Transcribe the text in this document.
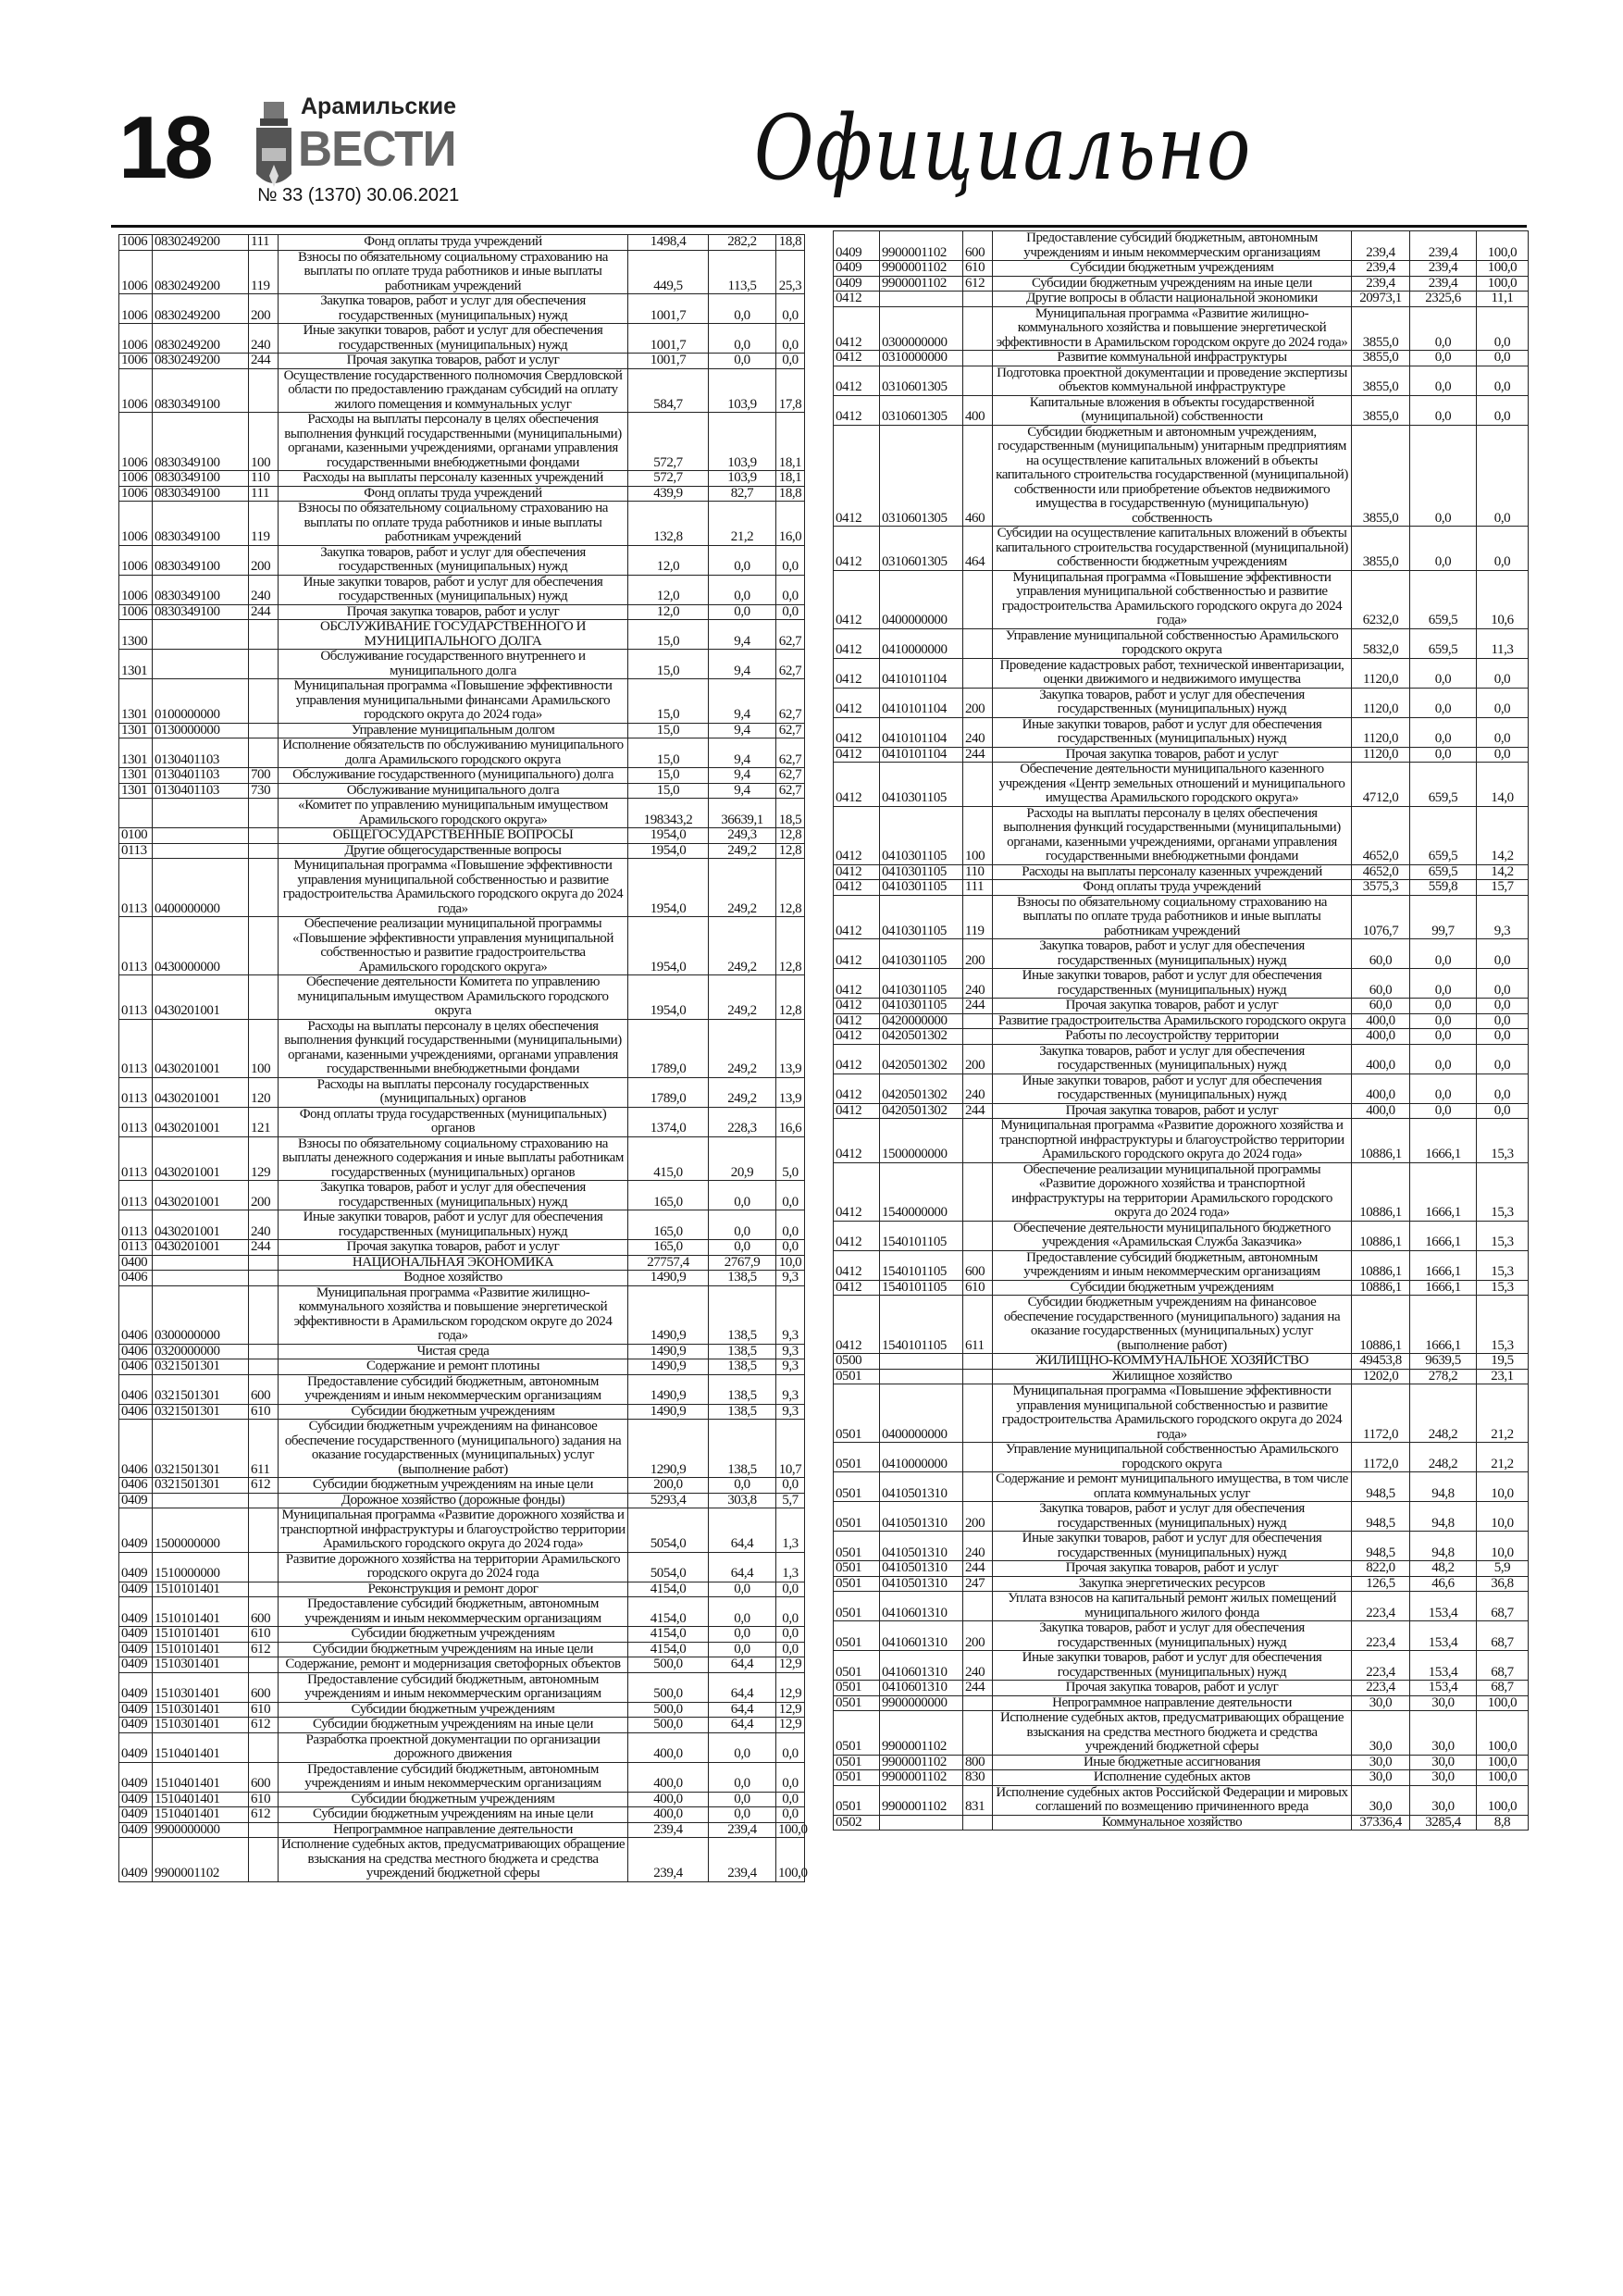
18	Арамильские
ВЕСТИ
№ 33 (1370) 30.06.2021	Официально
1006	0830249200	111	Фонд оплаты труда учреждений	1498,4	282,2	18,8
1006	0830249200	119	Взносы по обязательному социальному страхованию на выплаты по оплате труда работников и иные выплаты работникам учреждений	449,5	113,5	25,3
1006	0830249200	200	Закупка товаров, работ и услуг для обеспечения государственных (муниципальных) нужд	1001,7	0,0	0,0
1006	0830249200	240	Иные закупки товаров, работ и услуг для обеспечения государственных (муниципальных) нужд	1001,7	0,0	0,0
1006	0830249200	244	Прочая закупка товаров, работ и услуг	1001,7	0,0	0,0
1006	0830349100		Осуществление государственного полномочия Свердловской области по предоставлению гражданам субсидий на оплату жилого помещения и коммунальных услуг	584,7	103,9	17,8
1006	0830349100	100	Расходы на выплаты персоналу в целях обеспечения выполнения функций государственными (муниципальными) органами, казенными учреждениями, органами управления государственными внебюджетными фондами	572,7	103,9	18,1
1006	0830349100	110	Расходы на выплаты персоналу казенных учреждений	572,7	103,9	18,1
1006	0830349100	111	Фонд оплаты труда учреждений	439,9	82,7	18,8
1006	0830349100	119	Взносы по обязательному социальному страхованию на выплаты по оплате труда работников и иные выплаты работникам учреждений	132,8	21,2	16,0
1006	0830349100	200	Закупка товаров, работ и услуг для обеспечения государственных (муниципальных) нужд	12,0	0,0	0,0
1006	0830349100	240	Иные закупки товаров, работ и услуг для обеспечения государственных (муниципальных) нужд	12,0	0,0	0,0
1006	0830349100	244	Прочая закупка товаров, работ и услуг	12,0	0,0	0,0
1300			ОБСЛУЖИВАНИЕ ГОСУДАРСТВЕННОГО И МУНИЦИПАЛЬНОГО ДОЛГА	15,0	9,4	62,7
1301			Обслуживание государственного внутреннего и муниципального долга	15,0	9,4	62,7
1301	0100000000		Муниципальная программа «Повышение эффективности управления муниципальными финансами Арамильского городского округа до 2024 года»	15,0	9,4	62,7
1301	0130000000		Управление муниципальным долгом	15,0	9,4	62,7
1301	0130401103		Исполнение обязательств по обслуживанию муниципального долга Арамильского городского округа	15,0	9,4	62,7
1301	0130401103	700	Обслуживание государственного (муниципального) долга	15,0	9,4	62,7
1301	0130401103	730	Обслуживание муниципального долга	15,0	9,4	62,7
			«Комитет по управлению муниципальным имуществом Арамильского городского округа»	198343,2	36639,1	18,5
0100			ОБЩЕГОСУДАРСТВЕННЫЕ ВОПРОСЫ	1954,0	249,3	12,8
0113			Другие общегосударственные вопросы	1954,0	249,2	12,8
0113	0400000000		Муниципальная программа «Повышение эффективности управления муниципальной собственностью и развитие градостроительства Арамильского городского округа до 2024 года»	1954,0	249,2	12,8
0113	0430000000		Обеспечение реализации муниципальной программы «Повышение эффективности управления муниципальной собственностью и развитие градостроительства Арамильского городского округа»	1954,0	249,2	12,8
0113	0430201001		Обеспечение деятельности Комитета по управлению муниципальным имуществом Арамильского городского округа	1954,0	249,2	12,8
0113	0430201001	100	Расходы на выплаты персоналу в целях обеспечения выполнения функций государственными (муниципальными) органами, казенными учреждениями, органами управления государственными внебюджетными фондами	1789,0	249,2	13,9
0113	0430201001	120	Расходы на выплаты персоналу государственных (муниципальных) органов	1789,0	249,2	13,9
0113	0430201001	121	Фонд оплаты труда государственных (муниципальных) органов	1374,0	228,3	16,6
0113	0430201001	129	Взносы по обязательному социальному страхованию на выплаты денежного содержания и иные выплаты работникам государственных (муниципальных) органов	415,0	20,9	5,0
0113	0430201001	200	Закупка товаров, работ и услуг для обеспечения государственных (муниципальных) нужд	165,0	0,0	0,0
0113	0430201001	240	Иные закупки товаров, работ и услуг для обеспечения государственных (муниципальных) нужд	165,0	0,0	0,0
0113	0430201001	244	Прочая закупка товаров, работ и услуг	165,0	0,0	0,0
0400			НАЦИОНАЛЬНАЯ ЭКОНОМИКА	27757,4	2767,9	10,0
0406			Водное хозяйство	1490,9	138,5	9,3
0406	0300000000		Муниципальная программа «Развитие жилищно-коммунального хозяйства и повышение энергетической эффективности в Арамильском городском округе до 2024 года»	1490,9	138,5	9,3
0406	0320000000		Чистая среда	1490,9	138,5	9,3
0406	0321501301		Содержание и ремонт плотины	1490,9	138,5	9,3
0406	0321501301	600	Предоставление субсидий бюджетным, автономным учреждениям и иным некоммерческим организациям	1490,9	138,5	9,3
0406	0321501301	610	Субсидии бюджетным учреждениям	1490,9	138,5	9,3
0406	0321501301	611	Субсидии бюджетным учреждениям на финансовое обеспечение государственного (муниципального) задания на оказание государственных (муниципальных) услуг (выполнение работ)	1290,9	138,5	10,7
0406	0321501301	612	Субсидии бюджетным учреждениям на иные цели	200,0	0,0	0,0
0409			Дорожное хозяйство (дорожные фонды)	5293,4	303,8	5,7
0409	1500000000		Муниципальная программа «Развитие дорожного хозяйства и транспортной инфраструктуры и благоустройство территории Арамильского городского округа до 2024 года»	5054,0	64,4	1,3
0409	1510000000		Развитие дорожного хозяйства на территории Арамильского городского округа до 2024 года	5054,0	64,4	1,3
0409	1510101401		Реконструкция и ремонт дорог	4154,0	0,0	0,0
0409	1510101401	600	Предоставление субсидий бюджетным, автономным учреждениям и иным некоммерческим организациям	4154,0	0,0	0,0
0409	1510101401	610	Субсидии бюджетным учреждениям	4154,0	0,0	0,0
0409	1510101401	612	Субсидии бюджетным учреждениям на иные цели	4154,0	0,0	0,0
0409	1510301401		Содержание, ремонт и модернизация светофорных объектов	500,0	64,4	12,9
0409	1510301401	600	Предоставление субсидий бюджетным, автономным учреждениям и иным некоммерческим организациям	500,0	64,4	12,9
0409	1510301401	610	Субсидии бюджетным учреждениям	500,0	64,4	12,9
0409	1510301401	612	Субсидии бюджетным учреждениям на иные цели	500,0	64,4	12,9
0409	1510401401		Разработка проектной документации по организации дорожного движения	400,0	0,0	0,0
0409	1510401401	600	Предоставление субсидий бюджетным, автономным учреждениям и иным некоммерческим организациям	400,0	0,0	0,0
0409	1510401401	610	Субсидии бюджетным учреждениям	400,0	0,0	0,0
0409	1510401401	612	Субсидии бюджетным учреждениям на иные цели	400,0	0,0	0,0
0409	9900000000		Непрограммное направление деятельности	239,4	239,4	100,0
0409	9900001102		Исполнение судебных актов, предусматривающих обращение взыскания на средства местного бюджета и средства учреждений бюджетной сферы	239,4	239,4	100,0
0409	9900001102	600	Предоставление субсидий бюджетным, автономным учреждениям и иным некоммерческим организациям	239,4	239,4	100,0
0409	9900001102	610	Субсидии бюджетным учреждениям	239,4	239,4	100,0
0409	9900001102	612	Субсидии бюджетным учреждениям на иные цели	239,4	239,4	100,0
0412			Другие вопросы в области национальной экономики	20973,1	2325,6	11,1
0412	0300000000		Муниципальная программа «Развитие жилищно-коммунального хозяйства и повышение энергетической эффективности в Арамильском городском округе до 2024 года»	3855,0	0,0	0,0
0412	0310000000		Развитие коммунальной инфраструктуры	3855,0	0,0	0,0
0412	0310601305		Подготовка проектной документации и проведение экспертизы объектов коммунальной инфраструктуре	3855,0	0,0	0,0
0412	0310601305	400	Капитальные вложения в объекты государственной (муниципальной) собственности	3855,0	0,0	0,0
0412	0310601305	460	Субсидии бюджетным и автономным учреждениям, государственным (муниципальным) унитарным предприятиям на осуществление капитальных вложений в объекты капитального строительства государственной (муниципальной) собственности или приобретение объектов недвижимого имущества в государственную (муниципальную) собственность	3855,0	0,0	0,0
0412	0310601305	464	Субсидии на осуществление капитальных вложений в объекты капитального строительства государственной (муниципальной) собственности бюджетным учреждениям	3855,0	0,0	0,0
0412	0400000000		Муниципальная программа «Повышение эффективности управления муниципальной собственностью и развитие градостроительства Арамильского городского округа до 2024 года»	6232,0	659,5	10,6
0412	0410000000		Управление муниципальной собственностью Арамильского городского округа	5832,0	659,5	11,3
0412	0410101104		Проведение кадастровых работ, технической инвентаризации, оценки движимого и недвижимого имущества	1120,0	0,0	0,0
0412	0410101104	200	Закупка товаров, работ и услуг для обеспечения государственных (муниципальных) нужд	1120,0	0,0	0,0
0412	0410101104	240	Иные закупки товаров, работ и услуг для обеспечения государственных (муниципальных) нужд	1120,0	0,0	0,0
0412	0410101104	244	Прочая закупка товаров, работ и услуг	1120,0	0,0	0,0
0412	0410301105		Обеспечение деятельности муниципального казенного учреждения «Центр земельных отношений и муниципального имущества Арамильского городского округа»	4712,0	659,5	14,0
0412	0410301105	100	Расходы на выплаты персоналу в целях обеспечения выполнения функций государственными (муниципальными) органами, казенными учреждениями, органами управления государственными внебюджетными фондами	4652,0	659,5	14,2
0412	0410301105	110	Расходы на выплаты персоналу казенных учреждений	4652,0	659,5	14,2
0412	0410301105	111	Фонд оплаты труда учреждений	3575,3	559,8	15,7
0412	0410301105	119	Взносы по обязательному социальному страхованию на выплаты по оплате труда работников и иные выплаты работникам учреждений	1076,7	99,7	9,3
0412	0410301105	200	Закупка товаров, работ и услуг для обеспечения государственных (муниципальных) нужд	60,0	0,0	0,0
0412	0410301105	240	Иные закупки товаров, работ и услуг для обеспечения государственных (муниципальных) нужд	60,0	0,0	0,0
0412	0410301105	244	Прочая закупка товаров, работ и услуг	60,0	0,0	0,0
0412	0420000000		Развитие градостроительства Арамильского городского округа	400,0	0,0	0,0
0412	0420501302		Работы по лесоустройству территории	400,0	0,0	0,0
0412	0420501302	200	Закупка товаров, работ и услуг для обеспечения государственных (муниципальных) нужд	400,0	0,0	0,0
0412	0420501302	240	Иные закупки товаров, работ и услуг для обеспечения государственных (муниципальных) нужд	400,0	0,0	0,0
0412	0420501302	244	Прочая закупка товаров, работ и услуг	400,0	0,0	0,0
0412	1500000000		Муниципальная программа «Развитие дорожного хозяйства и транспортной инфраструктуры и благоустройство территории Арамильского городского округа до 2024 года»	10886,1	1666,1	15,3
0412	1540000000		Обеспечение реализации муниципальной программы «Развитие дорожного хозяйства и транспортной инфраструктуры на территории Арамильского городского округа до 2024 года»	10886,1	1666,1	15,3
0412	1540101105		Обеспечение деятельности муниципального бюджетного учреждения «Арамильская Служба Заказчика»	10886,1	1666,1	15,3
0412	1540101105	600	Предоставление субсидий бюджетным, автономным учреждениям и иным некоммерческим организациям	10886,1	1666,1	15,3
0412	1540101105	610	Субсидии бюджетным учреждениям	10886,1	1666,1	15,3
0412	1540101105	611	Субсидии бюджетным учреждениям на финансовое обеспечение государственного (муниципального) задания на оказание государственных (муниципальных) услуг (выполнение работ)	10886,1	1666,1	15,3
0500			ЖИЛИЩНО-КОММУНАЛЬНОЕ ХОЗЯЙСТВО	49453,8	9639,5	19,5
0501			Жилищное хозяйство	1202,0	278,2	23,1
0501	0400000000		Муниципальная программа «Повышение эффективности управления муниципальной собственностью и развитие градостроительства Арамильского городского округа до 2024 года»	1172,0	248,2	21,2
0501	0410000000		Управление муниципальной собственностью Арамильского городского округа	1172,0	248,2	21,2
0501	0410501310		Содержание и ремонт муниципального имущества, в том числе оплата коммунальных услуг	948,5	94,8	10,0
0501	0410501310	200	Закупка товаров, работ и услуг для обеспечения государственных (муниципальных) нужд	948,5	94,8	10,0
0501	0410501310	240	Иные закупки товаров, работ и услуг для обеспечения государственных (муниципальных) нужд	948,5	94,8	10,0
0501	0410501310	244	Прочая закупка товаров, работ и услуг	822,0	48,2	5,9
0501	0410501310	247	Закупка энергетических ресурсов	126,5	46,6	36,8
0501	0410601310		Уплата взносов на капитальный ремонт жилых помещений муниципального жилого фонда	223,4	153,4	68,7
0501	0410601310	200	Закупка товаров, работ и услуг для обеспечения государственных (муниципальных) нужд	223,4	153,4	68,7
0501	0410601310	240	Иные закупки товаров, работ и услуг для обеспечения государственных (муниципальных) нужд	223,4	153,4	68,7
0501	0410601310	244	Прочая закупка товаров, работ и услуг	223,4	153,4	68,7
0501	9900000000		Непрограммное направление деятельности	30,0	30,0	100,0
0501	9900001102		Исполнение судебных актов, предусматривающих обращение взыскания на средства местного бюджета и средства учреждений бюджетной сферы	30,0	30,0	100,0
0501	9900001102	800	Иные бюджетные ассигнования	30,0	30,0	100,0
0501	9900001102	830	Исполнение судебных актов	30,0	30,0	100,0
0501	9900001102	831	Исполнение судебных актов Российской Федерации и мировых соглашений по возмещению причиненного вреда	30,0	30,0	100,0
0502			Коммунальное хозяйство	37336,4	3285,4	8,8
